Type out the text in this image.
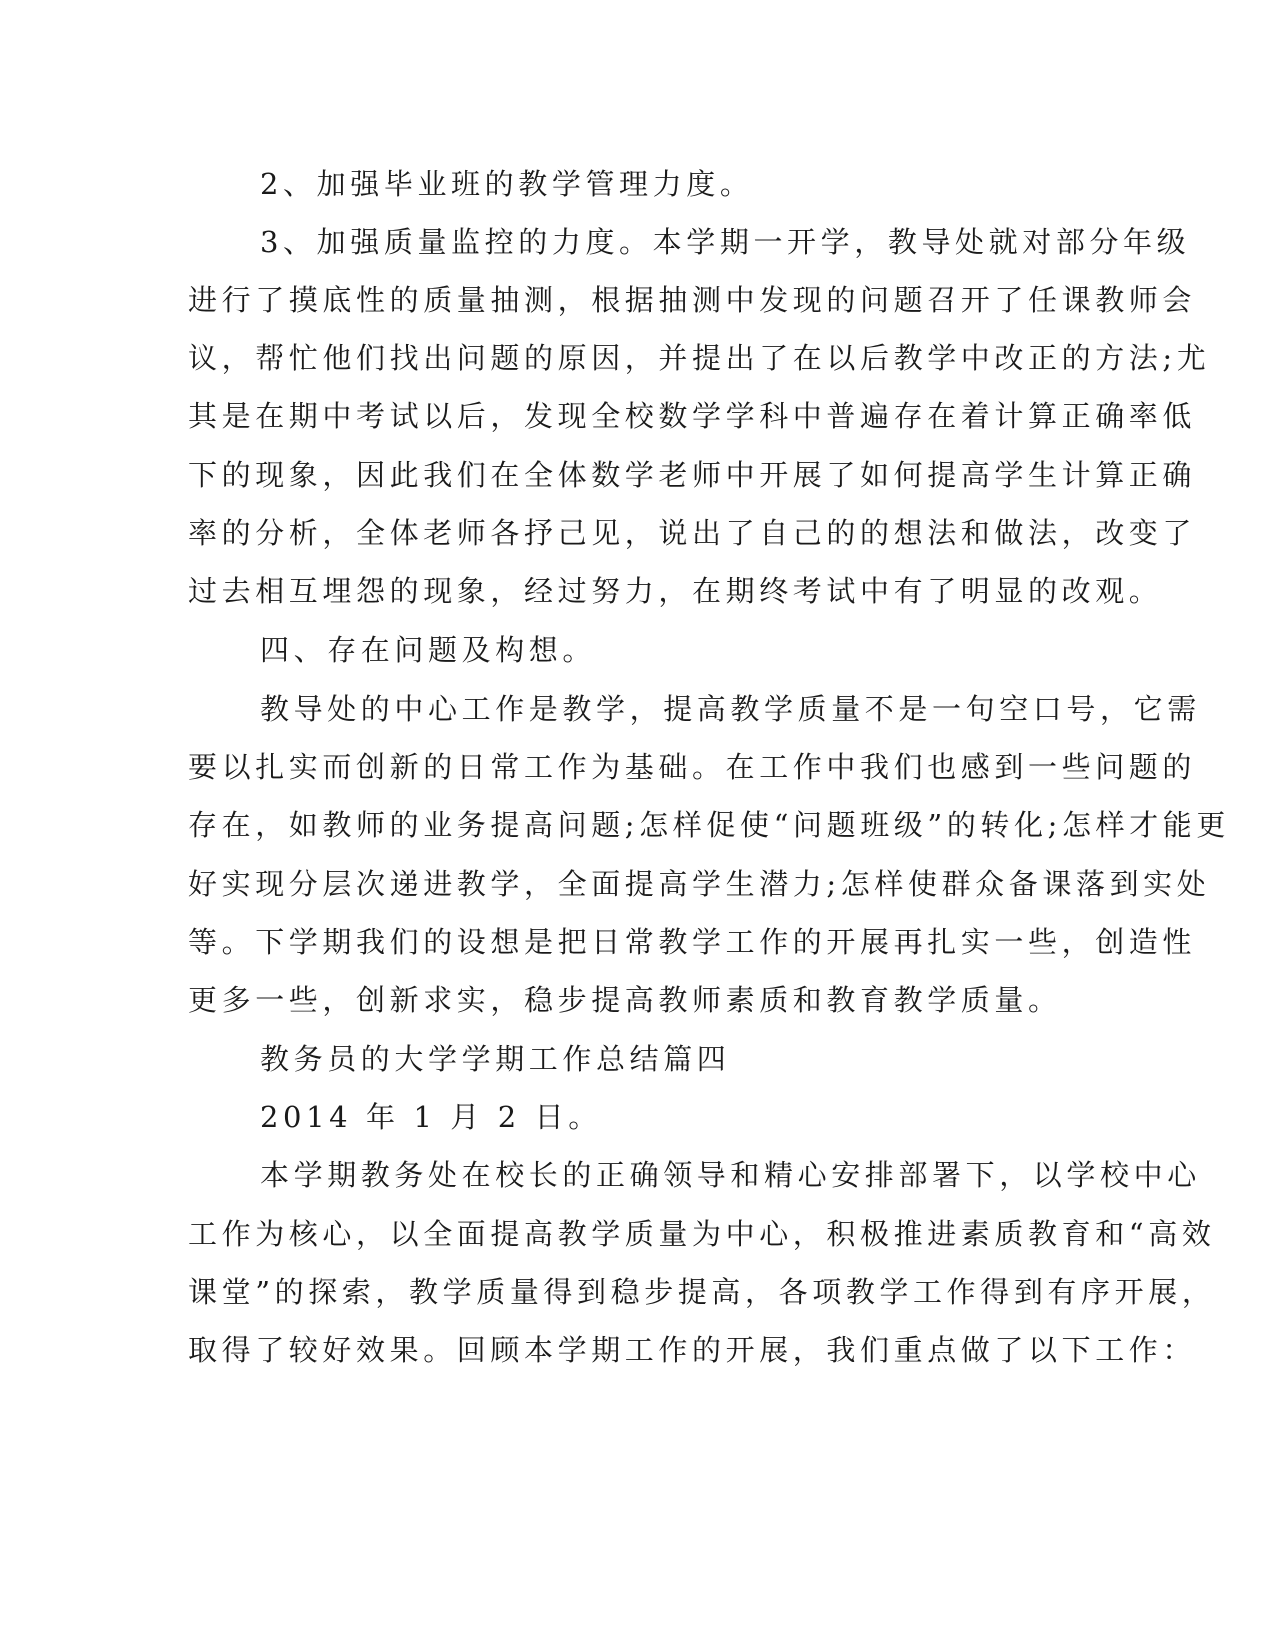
2、加强毕业班的教学管理力度。

3、加强质量监控的力度。本学期一开学，教导处就对部分年级

进行了摸底性的质量抽测，根据抽测中发现的问题召开了任课教师会

议，帮忙他们找出问题的原因，并提出了在以后教学中改正的方法;尤

其是在期中考试以后，发现全校数学学科中普遍存在着计算正确率低

下的现象，因此我们在全体数学老师中开展了如何提高学生计算正确

率的分析，全体老师各抒己见，说出了自己的的想法和做法，改变了

过去相互埋怨的现象，经过努力，在期终考试中有了明显的改观。

四、存在问题及构想。

教导处的中心工作是教学，提高教学质量不是一句空口号，它需

要以扎实而创新的日常工作为基础。在工作中我们也感到一些问题的

存在，如教师的业务提高问题;怎样促使“问题班级”的转化;怎样才能更

好实现分层次递进教学，全面提高学生潜力;怎样使群众备课落到实处

等。下学期我们的设想是把日常教学工作的开展再扎实一些，创造性

更多一些，创新求实，稳步提高教师素质和教育教学质量。

教务员的大学学期工作总结篇四

2014 年 1 月 2 日。

本学期教务处在校长的正确领导和精心安排部署下，以学校中心

工作为核心，以全面提高教学质量为中心，积极推进素质教育和“高效

课堂”的探索，教学质量得到稳步提高，各项教学工作得到有序开展，

取得了较好效果。回顾本学期工作的开展，我们重点做了以下工作：
